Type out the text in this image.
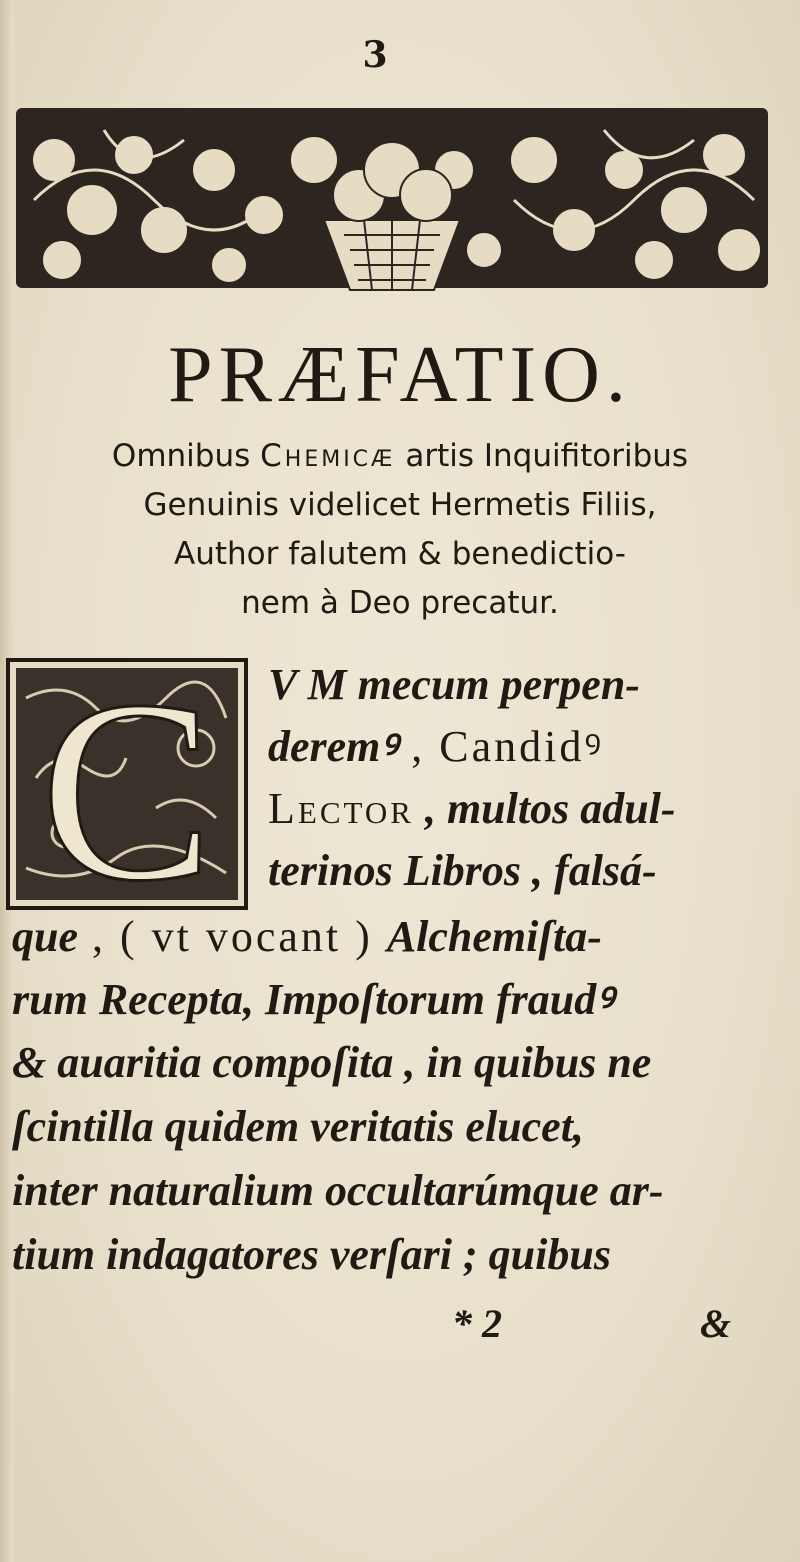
3
PRÆFATIO.
Omnibus Chemicæ artis Inquifitoribus
Genuinis videlicet Hermetis Filiis,
Author falutem & benedictio-
nem à Deo precatur.
C V M mecum perpen-
deremꝰ , Candidꝰ
Lector , multos adul-
terinos Libros , falsá-
que , ( vt vocant ) Alchemiſta-
rum Recepta, Impoſtorum fraudꝰ
& auaritia compoſita , in quibus ne
ſcintilla quidem veritatis elucet,
inter naturalium occultarúmque ar-
tium indagatores verſari ; quibus
* 2	&
